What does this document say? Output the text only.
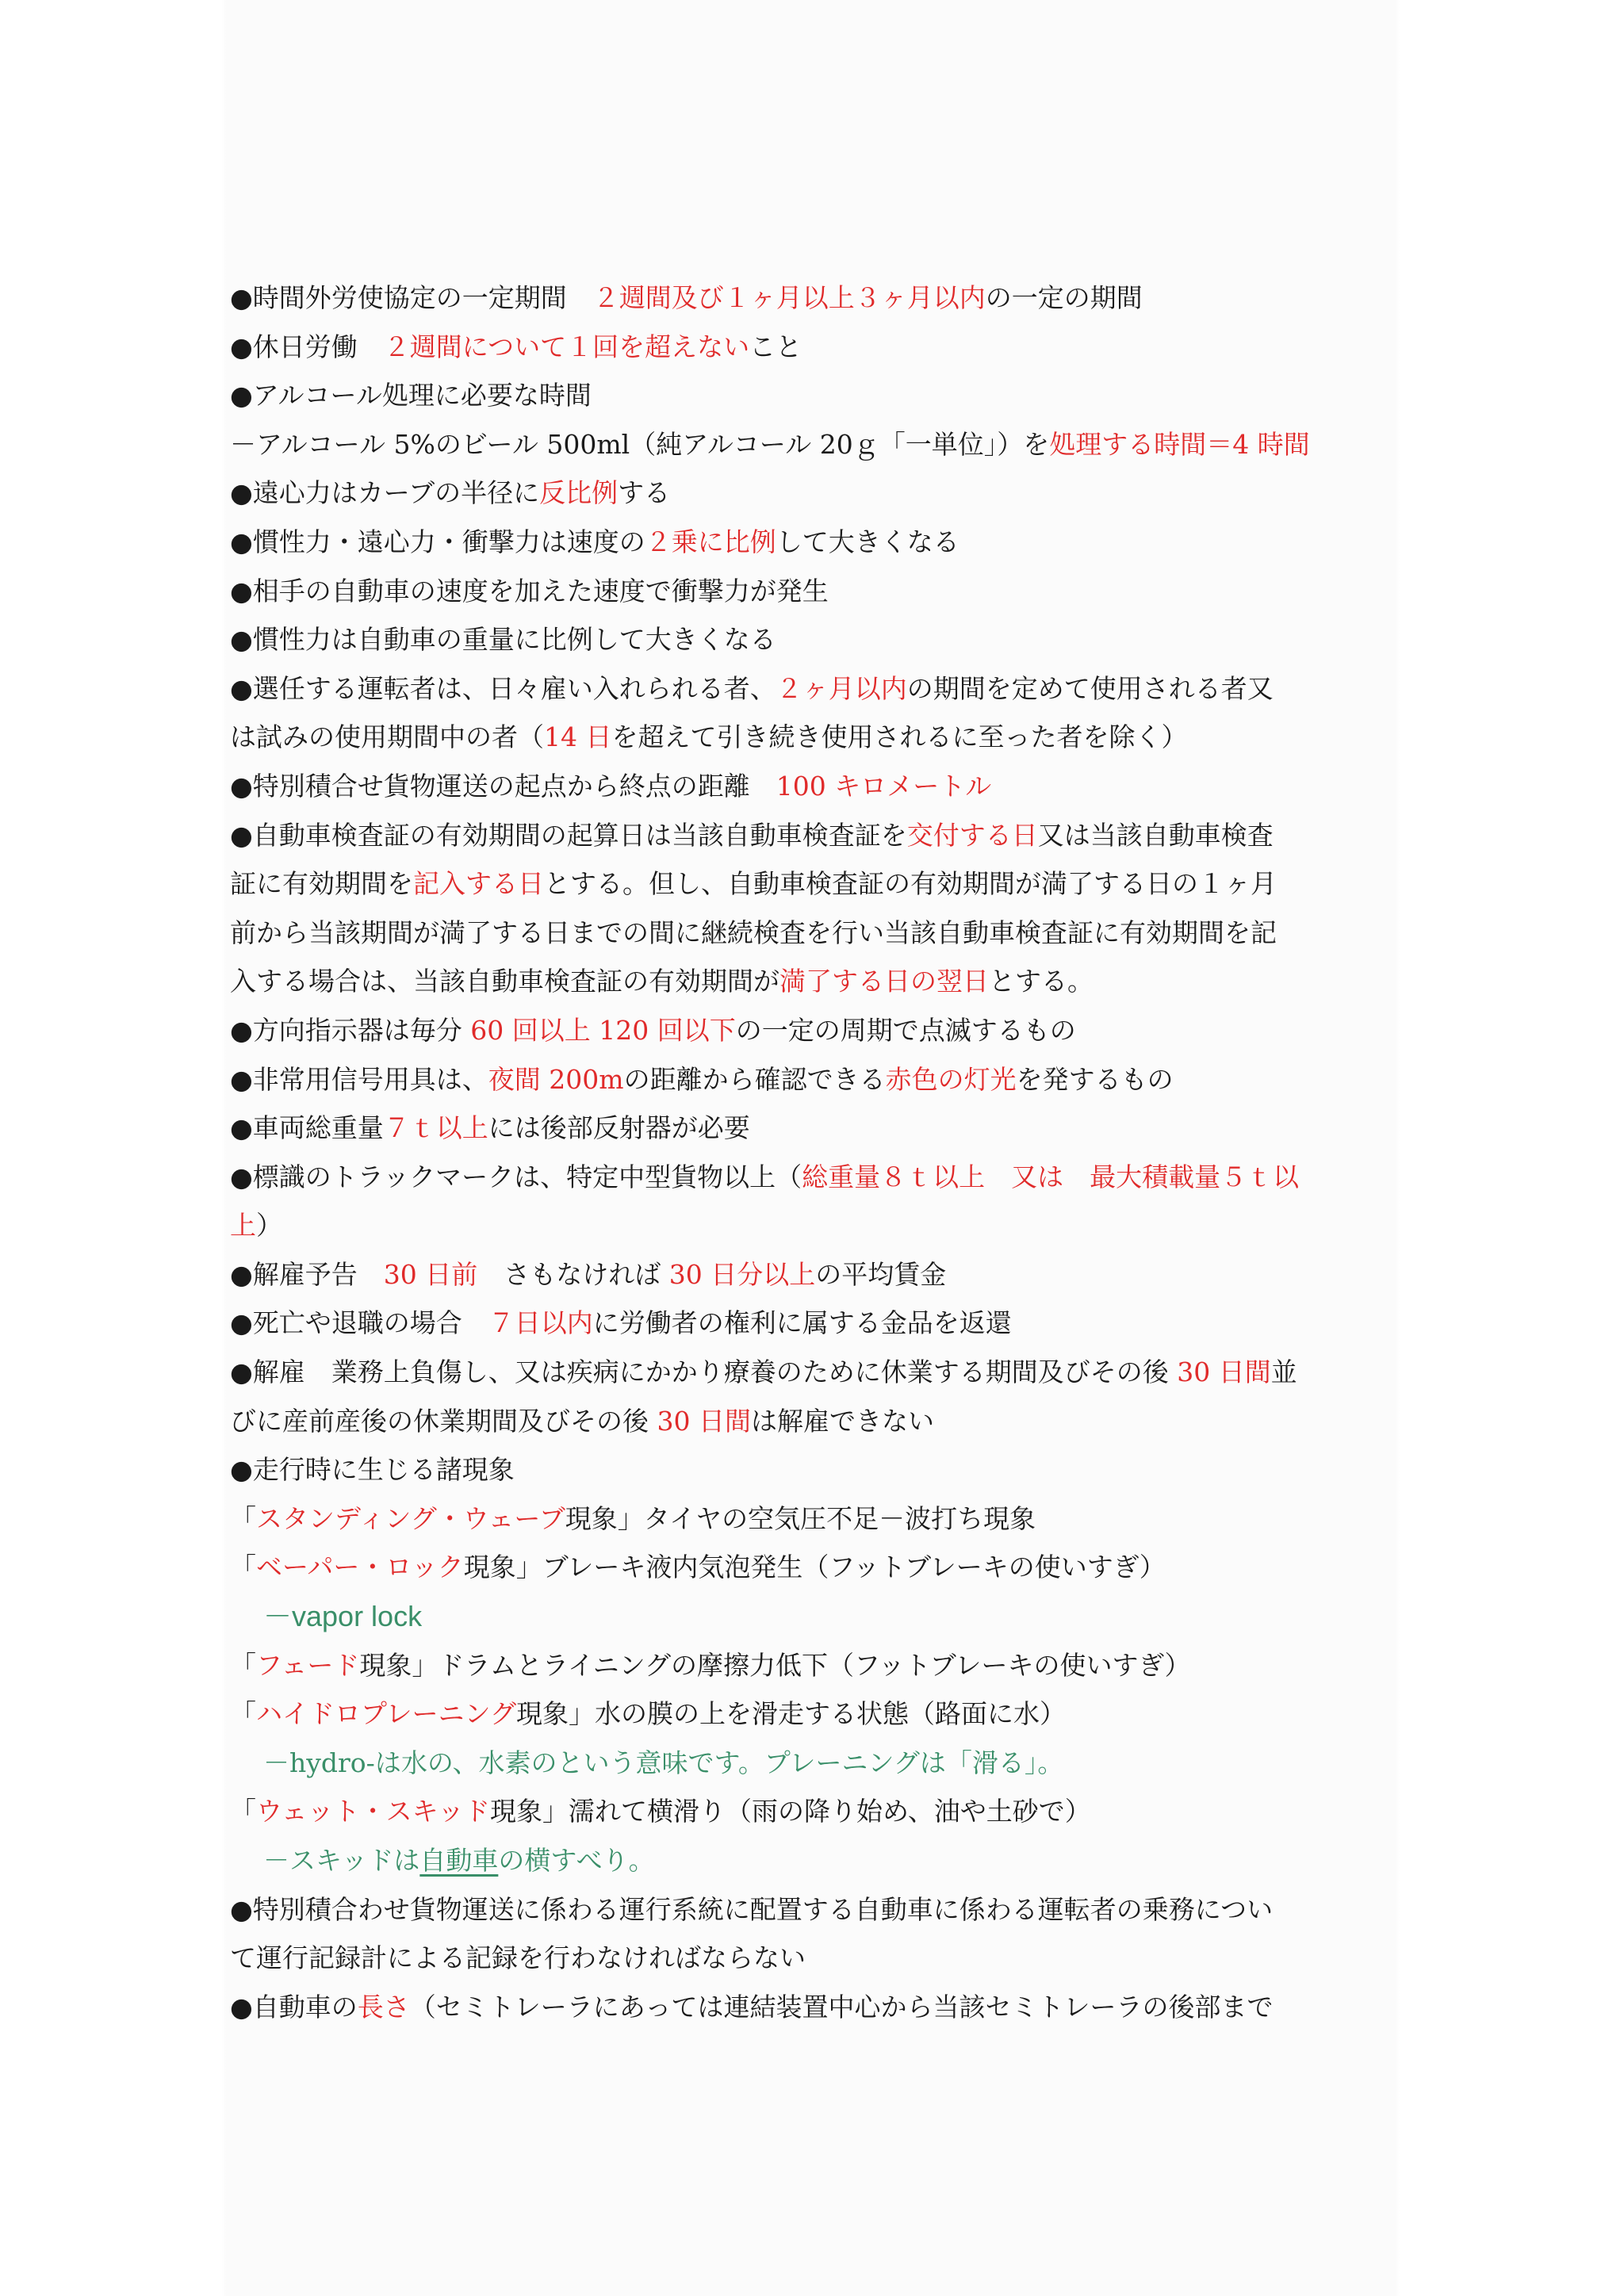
●時間外労使協定の一定期間　２週間及び１ヶ月以上３ヶ月以内の一定の期間
●休日労働　２週間について１回を超えないこと
●アルコール処理に必要な時間
－アルコール 5%のビール 500ml（純アルコール 20ｇ「一単位」）を処理する時間＝4 時間
●遠心力はカーブの半径に反比例する
●慣性力・遠心力・衝撃力は速度の２乗に比例して大きくなる
●相手の自動車の速度を加えた速度で衝撃力が発生
●慣性力は自動車の重量に比例して大きくなる
●選任する運転者は、日々雇い入れられる者、２ヶ月以内の期間を定めて使用される者又
は試みの使用期間中の者（14 日を超えて引き続き使用されるに至った者を除く）
●特別積合せ貨物運送の起点から終点の距離　100 キロメートル
●自動車検査証の有効期間の起算日は当該自動車検査証を交付する日又は当該自動車検査
証に有効期間を記入する日とする。但し、自動車検査証の有効期間が満了する日の１ヶ月
前から当該期間が満了する日までの間に継続検査を行い当該自動車検査証に有効期間を記
入する場合は、当該自動車検査証の有効期間が満了する日の翌日とする。
●方向指示器は毎分 60 回以上 120 回以下の一定の周期で点滅するもの
●非常用信号用具は、夜間 200mの距離から確認できる赤色の灯光を発するもの
●車両総重量７ｔ以上には後部反射器が必要
●標識のトラックマークは、特定中型貨物以上（総重量８ｔ以上　又は　最大積載量５ｔ以
上）
●解雇予告　30 日前　さもなければ 30 日分以上の平均賃金
●死亡や退職の場合　７日以内に労働者の権利に属する金品を返還
●解雇　業務上負傷し、又は疾病にかかり療養のために休業する期間及びその後 30 日間並
びに産前産後の休業期間及びその後 30 日間は解雇できない
●走行時に生じる諸現象
「スタンディング・ウェーブ現象」タイヤの空気圧不足－波打ち現象
「ベーパー・ロック現象」ブレーキ液内気泡発生（フットブレーキの使いすぎ）
－vapor lock
「フェード現象」ドラムとライニングの摩擦力低下（フットブレーキの使いすぎ）
「ハイドロプレーニング現象」水の膜の上を滑走する状態（路面に水）
－hydro-は水の、水素のという意味です。プレーニングは「滑る」。
「ウェット・スキッド現象」濡れて横滑り（雨の降り始め、油や土砂で）
－スキッドは自動車の横すべり。
●特別積合わせ貨物運送に係わる運行系統に配置する自動車に係わる運転者の乗務につい
て運行記録計による記録を行わなければならない
●自動車の長さ（セミトレーラにあっては連結装置中心から当該セミトレーラの後部まで
